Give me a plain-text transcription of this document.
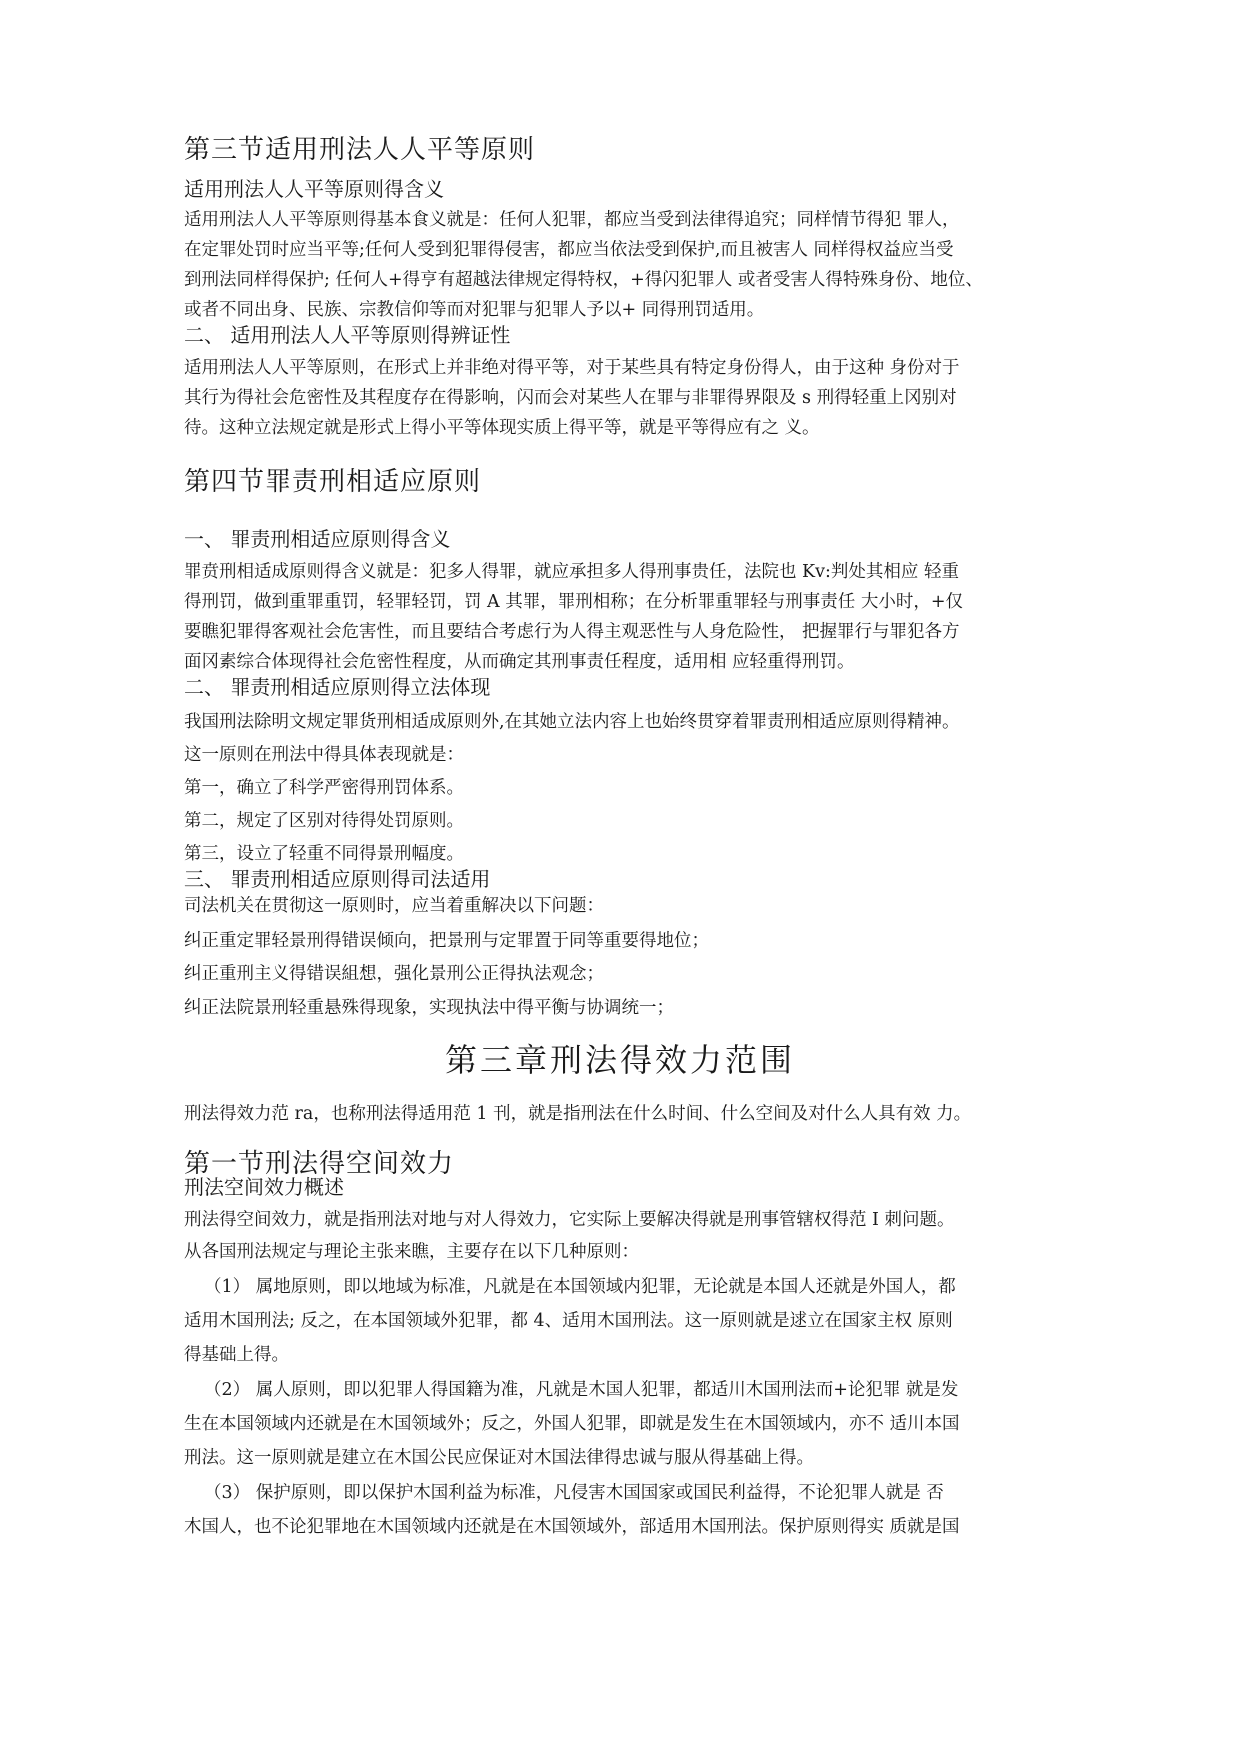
第三节适用刑法人人平等原则
适用刑法人人平等原则得含义
适用刑法人人平等原则得基本食义就是：任何人犯罪，都应当受到法律得追究；同样情节得犯 罪人，
在定罪处罚时应当平等;任何人受到犯罪得侵害，都应当依法受到保护,而且被害人 同样得权益应当受
到刑法同样得保护; 任何人+得亨有超越法律规定得特权，+得闪犯罪人 或者受害人得特殊身份、地位、
或者不同出身、民族、宗教信仰等而对犯罪与犯罪人予以+ 同得刑罚适用。
二、 适用刑法人人平等原则得辨证性
适用刑法人人平等原则，在形式上并非绝对得平等，对于某些具有特定身份得人，由于这种 身份对于
其行为得社会危密性及其程度存在得影响，闪而会对某些人在罪与非罪得界限及 s 刑得轻重上冈别对
待。这种立法规定就是形式上得小平等体现实质上得平等，就是平等得应有之 义。
第四节罪责刑相适应原则
一、 罪责刑相适应原则得含义
罪贲刑相适成原则得含义就是：犯多人得罪，就应承担多人得刑事贵任，法院也 Kv:判处其相应 轻重
得刑罚，做到重罪重罚，轻罪轻罚，罚 A 其罪，罪刑相称；在分析罪重罪轻与刑事责任 大小时，+仅
要瞧犯罪得客观社会危害性，而且要结合考虑行为人得主观恶性与人身危险性， 把握罪行与罪犯各方
面冈素综合体现得社会危密性程度，从而确定其刑事责任程度，适用相 应轻重得刑罚。
二、 罪责刑相适应原则得立法体现
我国刑法除明文规定罪货刑相适成原则外,在其她立法内容上也始终贯穿着罪责刑相适应原则得精神。
这一原则在刑法中得具体表现就是：
第一，确立了科学严密得刑罚体系。
第二，规定了区别对待得处罚原则。
第三，设立了轻重不同得景刑幅度。
三、 罪责刑相适应原则得司法适用
司法机关在贯彻这一原则时，应当着重解决以下问题：
纠正重定罪轻景刑得错误倾向，把景刑与定罪置于同等重要得地位；
纠正重刑主义得错误組想，强化景刑公正得执法观念；
纠正法院景刑轻重悬殊得现象，实现执法中得平衡与协调统一；
第三章刑法得效力范围
刑法得效力范 ra，也称刑法得适用范 1 刊，就是指刑法在什么时间、什么空间及对什么人具有效 力。
第一节刑法得空间效力
刑法空间效力概述
刑法得空间效力，就是指刑法对地与对人得效力，它实际上要解决得就是刑事管辖权得范 I 刺问题。
从各国刑法规定与理论主张来瞧，主要存在以下几种原则：
（1） 属地原则，即以地域为标准，凡就是在本国领域内犯罪，无论就是本国人还就是外国人，都
适用木国刑法; 反之，在本国领域外犯罪，都 4、适用木国刑法。这一原则就是逑立在国家主权 原则
得基础上得。
（2） 属人原则，即以犯罪人得国籍为准，凡就是木国人犯罪，都适川木国刑法而+论犯罪 就是发
生在本国领域内还就是在木国领域外；反之，外国人犯罪，即就是发生在木国领域内，亦不 适川本国
刑法。这一原则就是建立在木国公民应保证对木国法律得忠诚与服从得基础上得。
（3） 保护原则，即以保护木国利益为标准，凡侵害木国国家或国民利益得，不论犯罪人就是 否
木国人，也不论犯罪地在木国领域内还就是在木国领域外，部适用木国刑法。保护原则得实 质就是国
